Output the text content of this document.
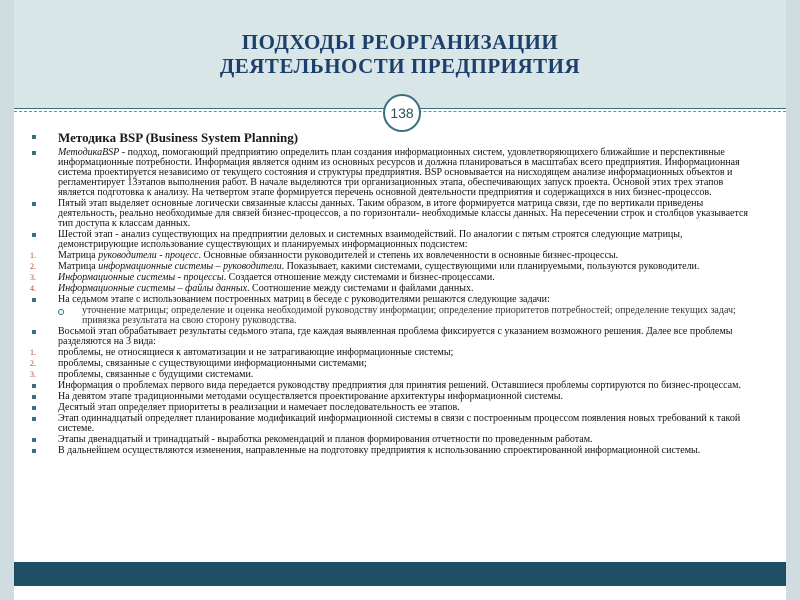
ПОДХОДЫ РЕОРГАНИЗАЦИИ
ДЕЯТЕЛЬНОСТИ ПРЕДПРИЯТИЯ
138
Методика BSP (Business System Planning)
МетодикаBSP - подход, помогающий предприятию определить план создания информационных систем, удовлетворяющихего ближайшие и перспективные информационные потребности. Информация является одним из основных ресурсов и должна планироваться в масштабах всего предприятия. Информационная система проектируется независимо от текущего состояния и структуры предприятия. BSP основывается на нисходящем анализе информационных объектов и регламентирует 13этапов выполнения работ. В начале выделяются три организационных этапа, обеспечивающих запуск проекта. Основой этих трех этапов является подготовка к анализу. На четвертом этапе формируется перечень основной деятельности предприятия и содержащихся в них бизнес-процессов.
Пятый этап выделяет основные логически связанные классы данных. Таким образом, в итоге формируется матрица связи, где по вертикали приведены деятельность, реально необходимые для связей бизнес-процессов, а по горизонтали- необходимые классы данных. На пересечении строк и столбцов указывается тип доступа к классам данных.
Шестой этап - анализ существующих на предприятии деловых и системных взаимодействий. По аналогии с пятым строятся следующие матрицы, демонстрирующие использование существующих и планируемых информационных подсистем:
1.	Матрица руководители - процесс. Основные обязанности руководителей и степень их вовлеченности в основные бизнес-процессы.
2.	Матрица информационные системы – руководители. Показывает, какими системами, существующими или планируемыми, пользуются руководители.
3.	Информационные системы - процессы. Создается отношение между системами и бизнес-процессами.
4.	Информационные системы – файлы данных. Соотношение между системами и файлами данных.
На седьмом этапе с использованием построенных матриц в беседе с руководителями решаются следующие задачи:
уточнение матрицы; определение и оценка необходимой руководству информации; определение приоритетов потребностей; определение текущих задач; привязка результата на свою сторону руководства.
Восьмой этап обрабатывает результаты седьмого этапа, где каждая выявленная проблема фиксируется с указанием возможного решения. Далее все проблемы разделяются на 3 вида:
1.	проблемы, не относящиеся к автоматизации и не затрагивающие информационные системы;
2.	проблемы, связанные с существующими информационными системами;
3.	проблемы, связанные с будущими системами.
Информация о проблемах первого вида передается руководству предприятия для принятия решений. Оставшиеся проблемы сортируются по бизнес-процессам.
На девятом этапе традиционными методами осуществляется проектирование архитектуры информационной системы.
Десятый этап определяет приоритеты в реализации и намечает последовательность ее этапов.
Этап одиннадцатый определяет планирование модификаций информационной системы в связи с построенным процессом появления новых требований к такой системе.
Этапы двенадцатый и тринадцатый - выработка рекомендаций и планов формирования отчетности по проведенным работам.
В дальнейшем осуществляются изменения, направленные на подготовку предприятия к использованию спроектированной информационной системы.
